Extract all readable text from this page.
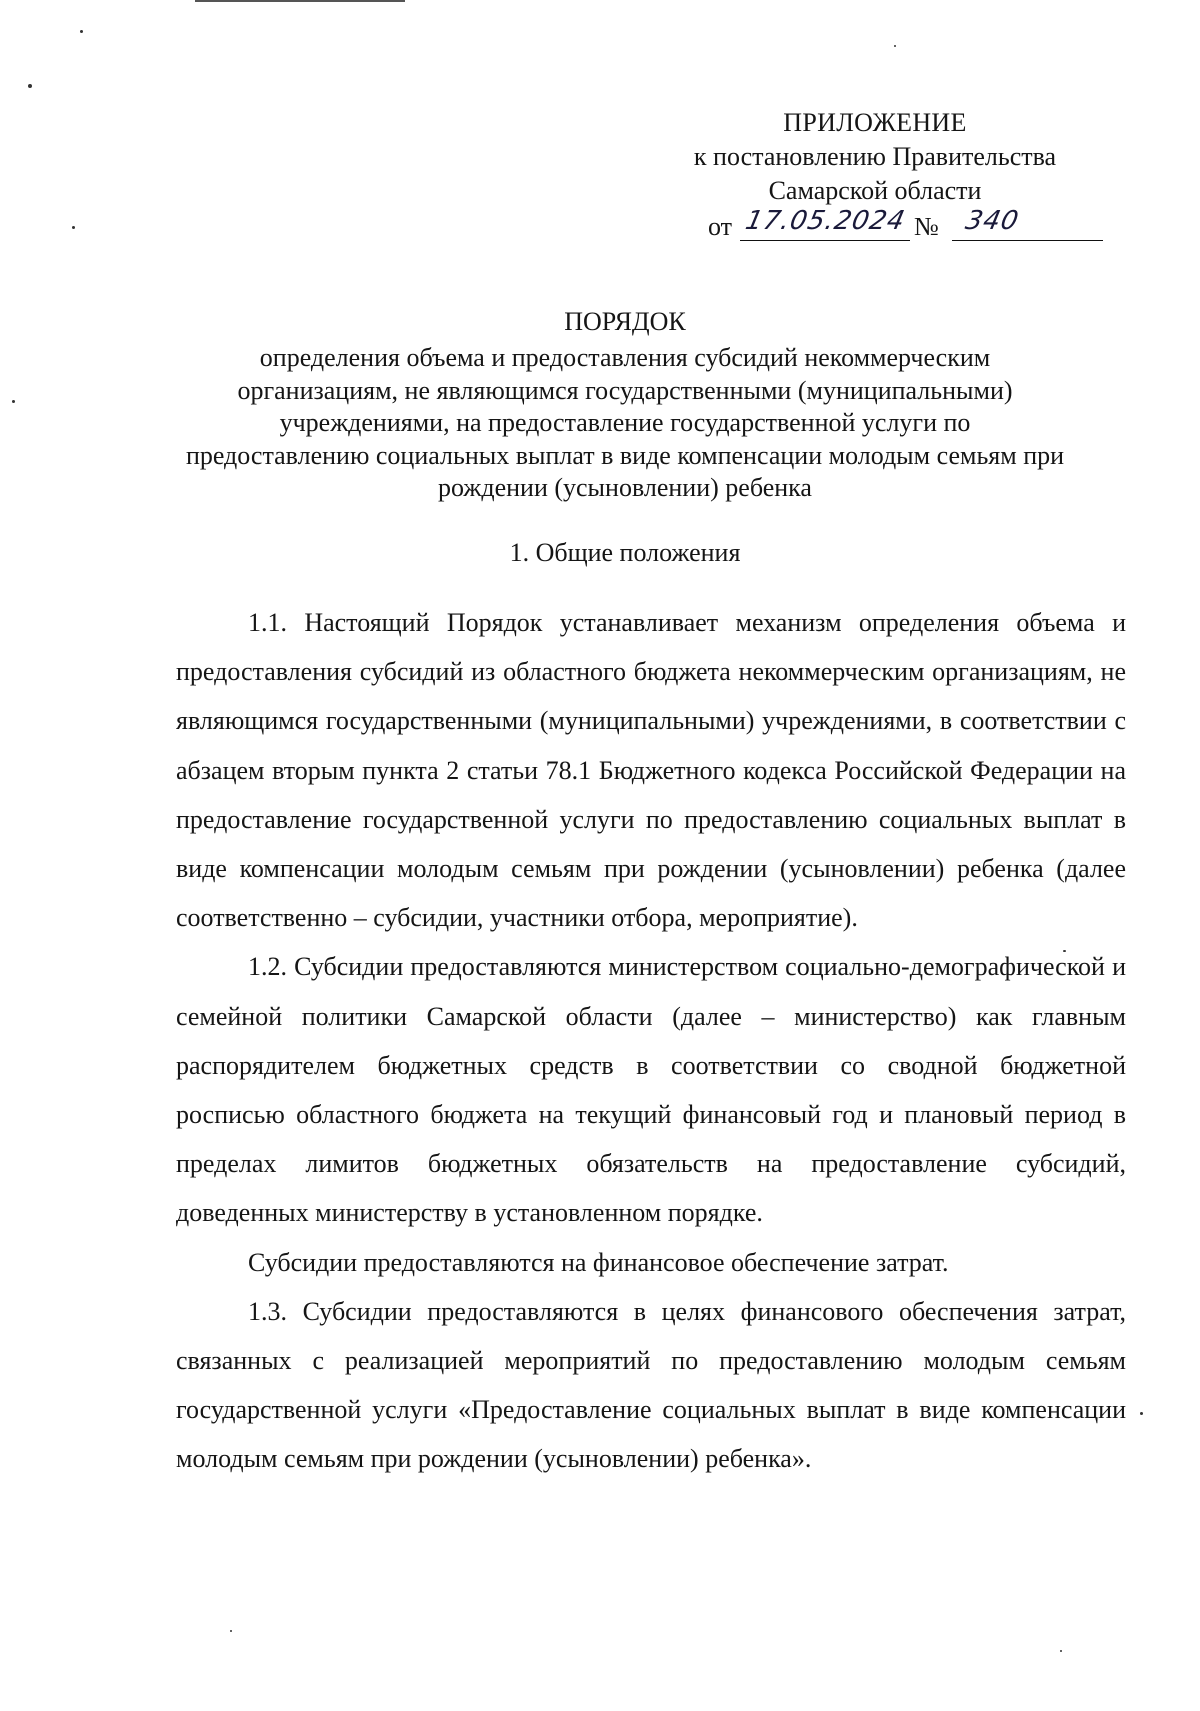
ПРИЛОЖЕНИЕ
к постановлению Правительства
Самарской области
от 17.05.2024 № 340
ПОРЯДОК
определения объема и предоставления субсидий некоммерческим организациям, не являющимся государственными (муниципальными) учреждениями, на предоставление государственной услуги по предоставлению социальных выплат в виде компенсации молодым семьям при рождении (усыновлении) ребенка
1. Общие положения

1.1. Настоящий Порядок устанавливает механизм определения объема и предоставления субсидий из областного бюджета некоммерческим организациям, не являющимся государственными (муниципальными) учреждениями, в соответствии с абзацем вторым пункта 2 статьи 78.1 Бюджетного кодекса Российской Федерации на предоставление государственной услуги по предоставлению социальных выплат в виде компенсации молодым семьям при рождении (усыновлении) ребенка (далее соответственно – субсидии, участники отбора, мероприятие).

1.2. Субсидии предоставляются министерством социально-демографической и семейной политики Самарской области (далее – министерство) как главным распорядителем бюджетных средств в соответствии со сводной бюджетной росписью областного бюджета на текущий финансовый год и плановый период в пределах лимитов бюджетных обязательств на предоставление субсидий, доведенных министерству в установленном порядке.

Субсидии предоставляются на финансовое обеспечение затрат.

1.3. Субсидии предоставляются в целях финансового обеспечения затрат, связанных с реализацией мероприятий по предоставлению молодым семьям государственной услуги «Предоставление социальных выплат в виде компенсации молодым семьям при рождении (усыновлении) ребенка».
